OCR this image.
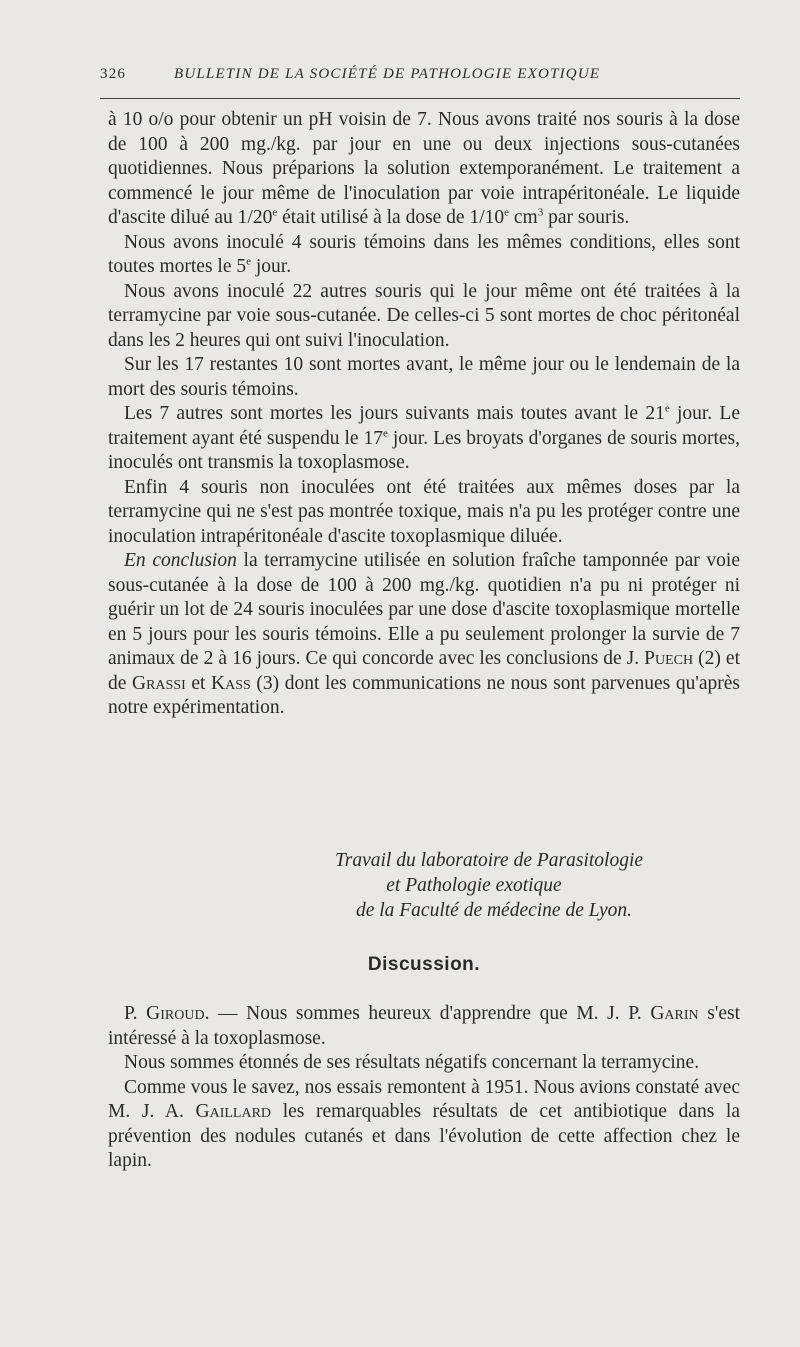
326	BULLETIN DE LA SOCIÉTÉ DE PATHOLOGIE EXOTIQUE

à 10 o/o pour obtenir un pH voisin de 7. Nous avons traité nos souris à la dose de 100 à 200 mg./kg. par jour en une ou deux injections sous-cutanées quotidiennes. Nous préparions la solution extemporanément. Le traitement a commencé le jour même de l'inoculation par voie intrapéritonéale. Le liquide d'ascite dilué au 1/20e était utilisé à la dose de 1/10e $cm^3$ par souris.

Nous avons inoculé 4 souris témoins dans les mêmes conditions, elles sont toutes mortes le 5e jour.

Nous avons inoculé 22 autres souris qui le jour même ont été traitées à la terramycine par voie sous-cutanée. De celles-ci 5 sont mortes de choc péritonéal dans les 2 heures qui ont suivi l'inoculation.

Sur les 17 restantes 10 sont mortes avant, le même jour ou le lendemain de la mort des souris témoins.

Les 7 autres sont mortes les jours suivants mais toutes avant le 21e jour. Le traitement ayant été suspendu le 17e jour. Les broyats d'organes de souris mortes, inoculés ont transmis la toxoplasmose.

Enfin 4 souris non inoculées ont été traitées aux mêmes doses par la terramycine qui ne s'est pas montrée toxique, mais n'a pu les protéger contre une inoculation intrapéritonéale d'ascite toxoplasmique diluée.

En conclusion la terramycine utilisée en solution fraîche tamponnée par voie sous-cutanée à la dose de 100 à 200 mg./kg. quotidien n'a pu ni protéger ni guérir un lot de 24 souris inoculées par une dose d'ascite toxoplasmique mortelle en 5 jours pour les souris témoins. Elle a pu seulement prolonger la survie de 7 animaux de 2 à 16 jours. Ce qui concorde avec les conclusions de J. Puech (2) et de Grassi et Kass (3) dont les communications ne nous sont parvenues qu'après notre expérimentation.

Travail du laboratoire de Parasitologie
et Pathologie exotique
de la Faculté de médecine de Lyon.
Discussion.

P. Giroud. — Nous sommes heureux d'apprendre que M. J. P. Garin s'est intéressé à la toxoplasmose.

Nous sommes étonnés de ses résultats négatifs concernant la terramycine.

Comme vous le savez, nos essais remontent à 1951. Nous avions constaté avec M. J. A. Gaillard les remarquables résultats de cet antibiotique dans la prévention des nodules cutanés et dans l'évolution de cette affection chez le lapin.
